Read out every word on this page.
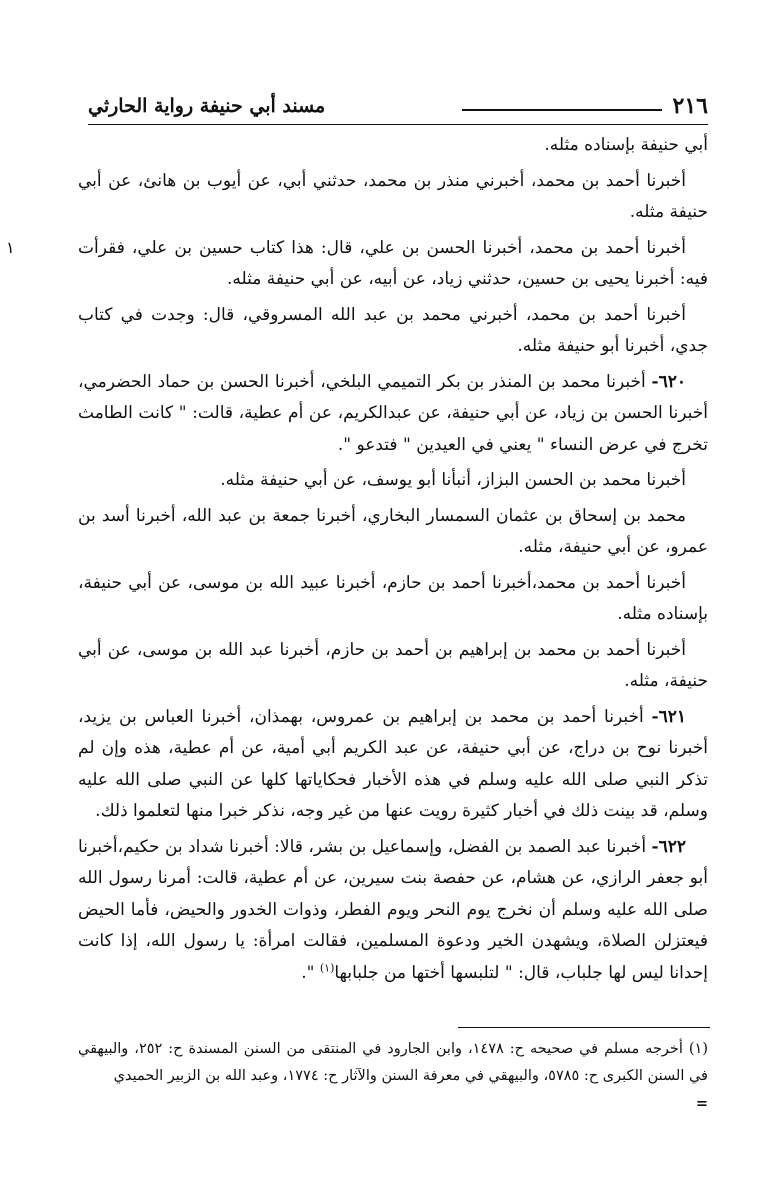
٢١٦
مسند أبي حنيفة رواية الحارثي
١

أبي حنيفة بإسناده مثله.

أخبرنا أحمد بن محمد، أخبرني منذر بن محمد، حدثني أبي، عن أيوب بن هانئ، عن أبي حنيفة مثله.

أخبرنا أحمد بن محمد، أخبرنا الحسن بن علي، قال: هذا كتاب حسين بن علي، فقرأت فيه: أخبرنا يحيى بن حسين، حدثني زياد، عن أبيه، عن أبي حنيفة مثله.

أخبرنا أحمد بن محمد، أخبرني محمد بن عبد الله المسروقي، قال: وجدت في كتاب جدي، أخبرنا أبو حنيفة مثله.

٦٢٠- أخبرنا محمد بن المنذر بن بكر التميمي البلخي، أخبرنا الحسن بن حماد الحضرمي، أخبرنا الحسن بن زياد، عن أبي حنيفة، عن عبدالكريم، عن أم عطية، قالت: " كانت الطامث تخرج في عرض النساء " يعني في العيدين " فتدعو ".

أخبرنا محمد بن الحسن البزاز، أنبأنا أبو يوسف، عن أبي حنيفة مثله.

محمد بن إسحاق بن عثمان السمسار البخاري، أخبرنا جمعة بن عبد الله، أخبرنا أسد بن عمرو، عن أبي حنيفة، مثله.

أخبرنا أحمد بن محمد،أخبرنا أحمد بن حازم، أخبرنا عبيد الله بن موسى، عن أبي حنيفة، بإسناده مثله.

أخبرنا أحمد بن محمد بن إبراهيم بن أحمد بن حازم، أخبرنا عبد الله بن موسى، عن أبي حنيفة، مثله.

٦٢١- أخبرنا أحمد بن محمد بن إبراهيم بن عمروس، بهمذان، أخبرنا العباس بن يزيد، أخبرنا نوح بن دراج، عن أبي حنيفة، عن عبد الكريم أبي أمية، عن أم عطية، هذه وإن لم تذكر النبي صلى الله عليه وسلم في هذه الأخبار فحكاياتها كلها عن النبي صلى الله عليه وسلم، قد بينت ذلك في أخبار كثيرة رويت عنها من غير وجه، نذكر خبرا منها لتعلموا ذلك.

٦٢٢- أخبرنا عبد الصمد بن الفضل، وإسماعيل بن بشر، قالا: أخبرنا شداد بن حكيم،أخبرنا أبو جعفر الرازي، عن هشام، عن حفصة بنت سيرين، عن أم عطية، قالت: أمرنا رسول الله صلى الله عليه وسلم أن نخرج يوم النحر ويوم الفطر، وذوات الخدور والحيض، فأما الحيض فيعتزلن الصلاة، ويشهدن الخير ودعوة المسلمين، فقالت امرأة: يا رسول الله، إذا كانت إحدانا ليس لها جلباب، قال: " لتلبسها أختها من جلبابها$^{(١)}$ ".

(١) أخرجه مسلم في صحيحه ح: ١٤٧٨، وابن الجارود في المنتقى من السنن المسندة ح: ٢٥٢، والبيهقي في السنن الكبرى ح: ٥٧٨٥، والبيهقي في معرفة السنن والآثار ح: ١٧٧٤، وعبد الله بن الزبير الحميدي

=
